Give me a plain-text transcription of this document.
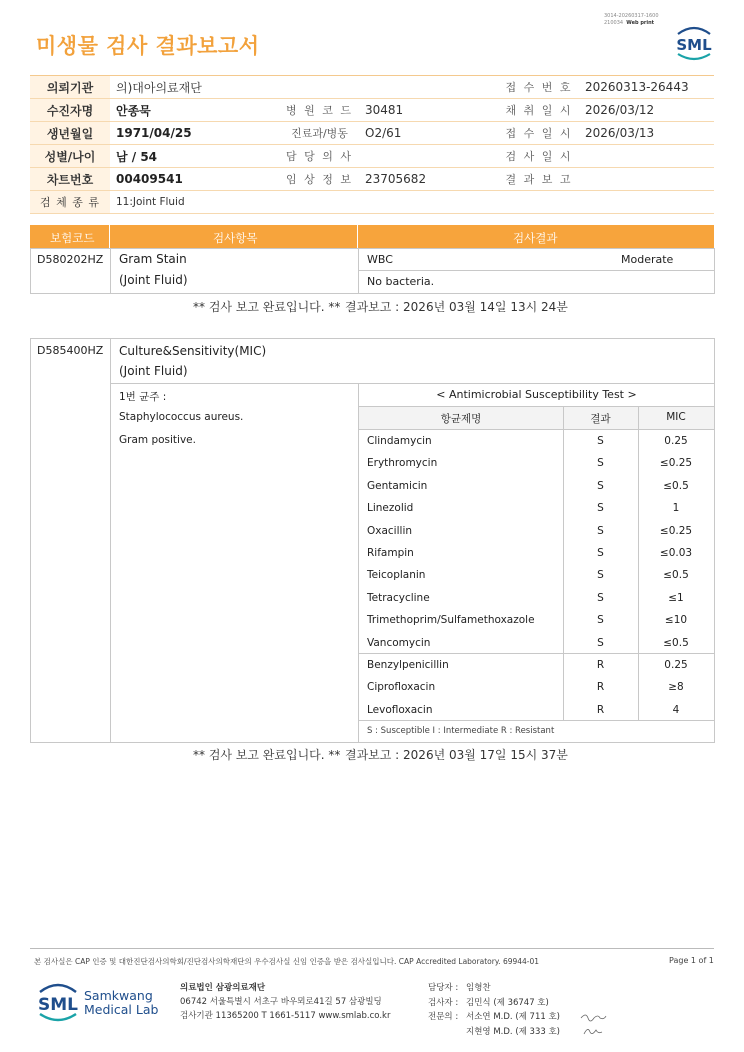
미생물 검사 결과보고서
3014-20260317-1600
210034 Web print
SML
의뢰기관	의)대아의료재단			접 수 번 호	20260313-26443
수진자명	안종묵	병 원 코 드	30481	채 취 일 시	2026/03/12
생년월일	1971/04/25	진료과/병동	O2/61	접 수 일 시	2026/03/13
성별/나이	남 / 54	담 당 의 사		검 사 일 시	
차트번호	00409541	임 상 정 보	23705682	결 과 보 고	
검 체 종 류	11:Joint Fluid				
보험코드	검사항목	검사결과
D580202HZ Gram Stain
(Joint Fluid)
WBC	Moderate
No bacteria.
** 검사 보고 완료입니다. ** 결과보고 : 2026년 03월 14일 13시 24분
D585400HZ Culture&Sensitivity(MIC)
(Joint Fluid)
1번 균주 :
Staphylococcus aureus.
Gram positive.
< Antimicrobial Susceptibility Test >
항균제명	결과	MIC
Clindamycin	S	0.25
Erythromycin	S	≤0.25
Gentamicin	S	≤0.5
Linezolid	S	1
Oxacillin	S	≤0.25
Rifampin	S	≤0.03
Teicoplanin	S	≤0.5
Tetracycline	S	≤1
Trimethoprim/Sulfamethoxazole	S	≤10
Vancomycin	S	≤0.5
Benzylpenicillin	R	0.25
Ciprofloxacin	R	≥8
Levofloxacin	R	4
S : Susceptible I : Intermediate R : Resistant
** 검사 보고 완료입니다. ** 결과보고 : 2026년 03월 17일 15시 37분
본 검사실은 CAP 인증 및 대한진단검사의학회/진단검사의학재단의 우수검사실 신임 인증을 받은 검사실입니다. CAP Accredited Laboratory. 69944-01	Page 1 of 1
SML Samkwang
Medical Lab
의료법인 삼광의료재단
06742 서울특별시 서초구 바우뫼로41길 57 삼광빌딩
검사기관 11365200 T 1661-5117 www.smlab.co.kr
담당자 : 임형찬
검사자 : 김민식 (제 36747 호)
전문의 : 서소연 M.D. (제 711 호)
지현영 M.D. (제 333 호)
